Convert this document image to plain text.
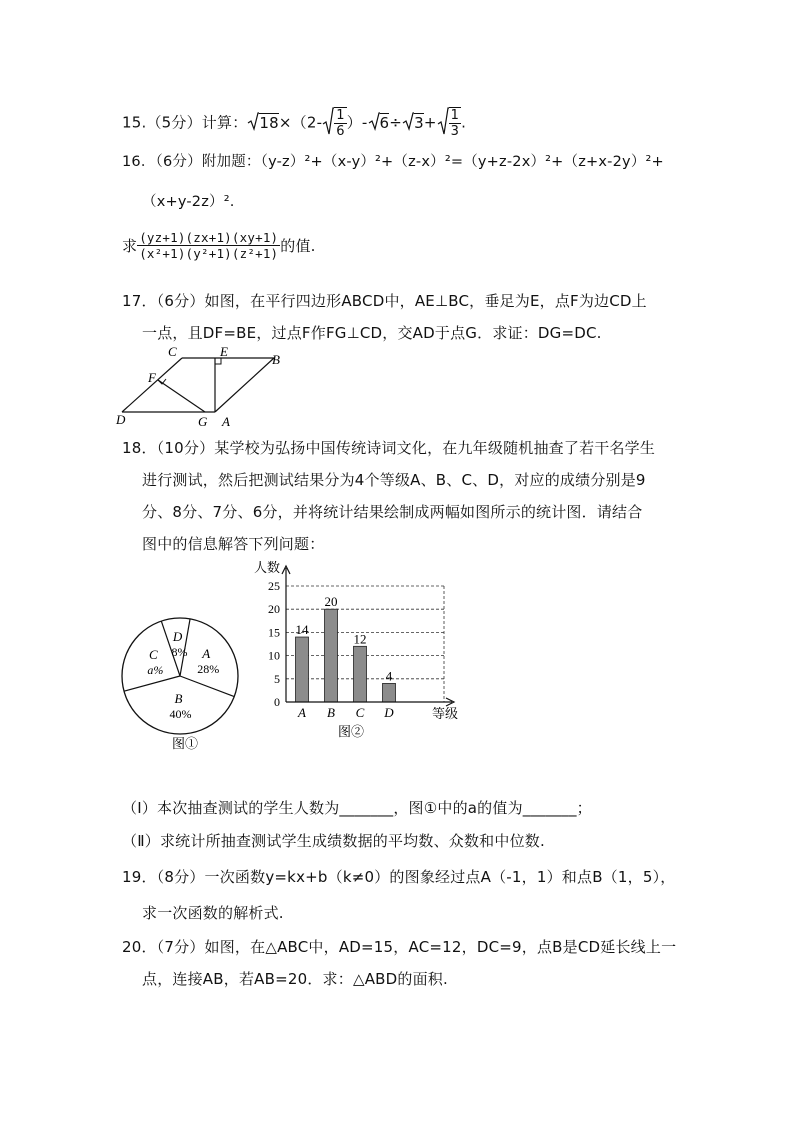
15.（5分）计算： $18\times(2- \frac{1}{6}$ ）- $6\div 3+ \frac{1}{3}$ .
16．（6分）附加题：（y-z）²+（x-y）²+（z-x）²=（y+z-2x）²+（z+x-2y）²+
（x+y-2z）².
求 $\frac{(yz+1)(zx+1)(xy+1)}{\text{(x²+1)(y²+1)(z²+1)}}$ 的值.
17．（6分）如图，在平行四边形ABCD中，AE⊥BC，垂足为E，点F为边CD上
一点，且DF=BE，过点F作FG⊥CD，交AD于点G．求证：DG=DC.
C	E
B
F
D	G A
18．（10分）某学校为弘扬中国传统诗词文化，在九年级随机抽查了若干名学生
进行测试，然后把测试结果分为4个等级A、B、C、D，对应的成绩分别是9
分、8分、7分、6分，并将统计结果绘制成两幅如图所示的统计图．请结合
图中的信息解答下列问题：
A
28%
B
40%
C
a%
D
8%
图①
0
5
10
15
20
25
14
A
20
B
12
C
4
D
人数
等级
图②
（Ⅰ）本次抽查测试的学生人数为_______，图①中的a的值为_______；
（Ⅱ）求统计所抽查测试学生成绩数据的平均数、众数和中位数.
19．（8分）一次函数y=kx+b（k≠0）的图象经过点A（-1，1）和点B（1，5），
求一次函数的解析式.
20．（7分）如图，在△ABC中，AD=15，AC=12，DC=9，点B是CD延长线上一
点，连接AB，若AB=20．求：△ABD的面积.
